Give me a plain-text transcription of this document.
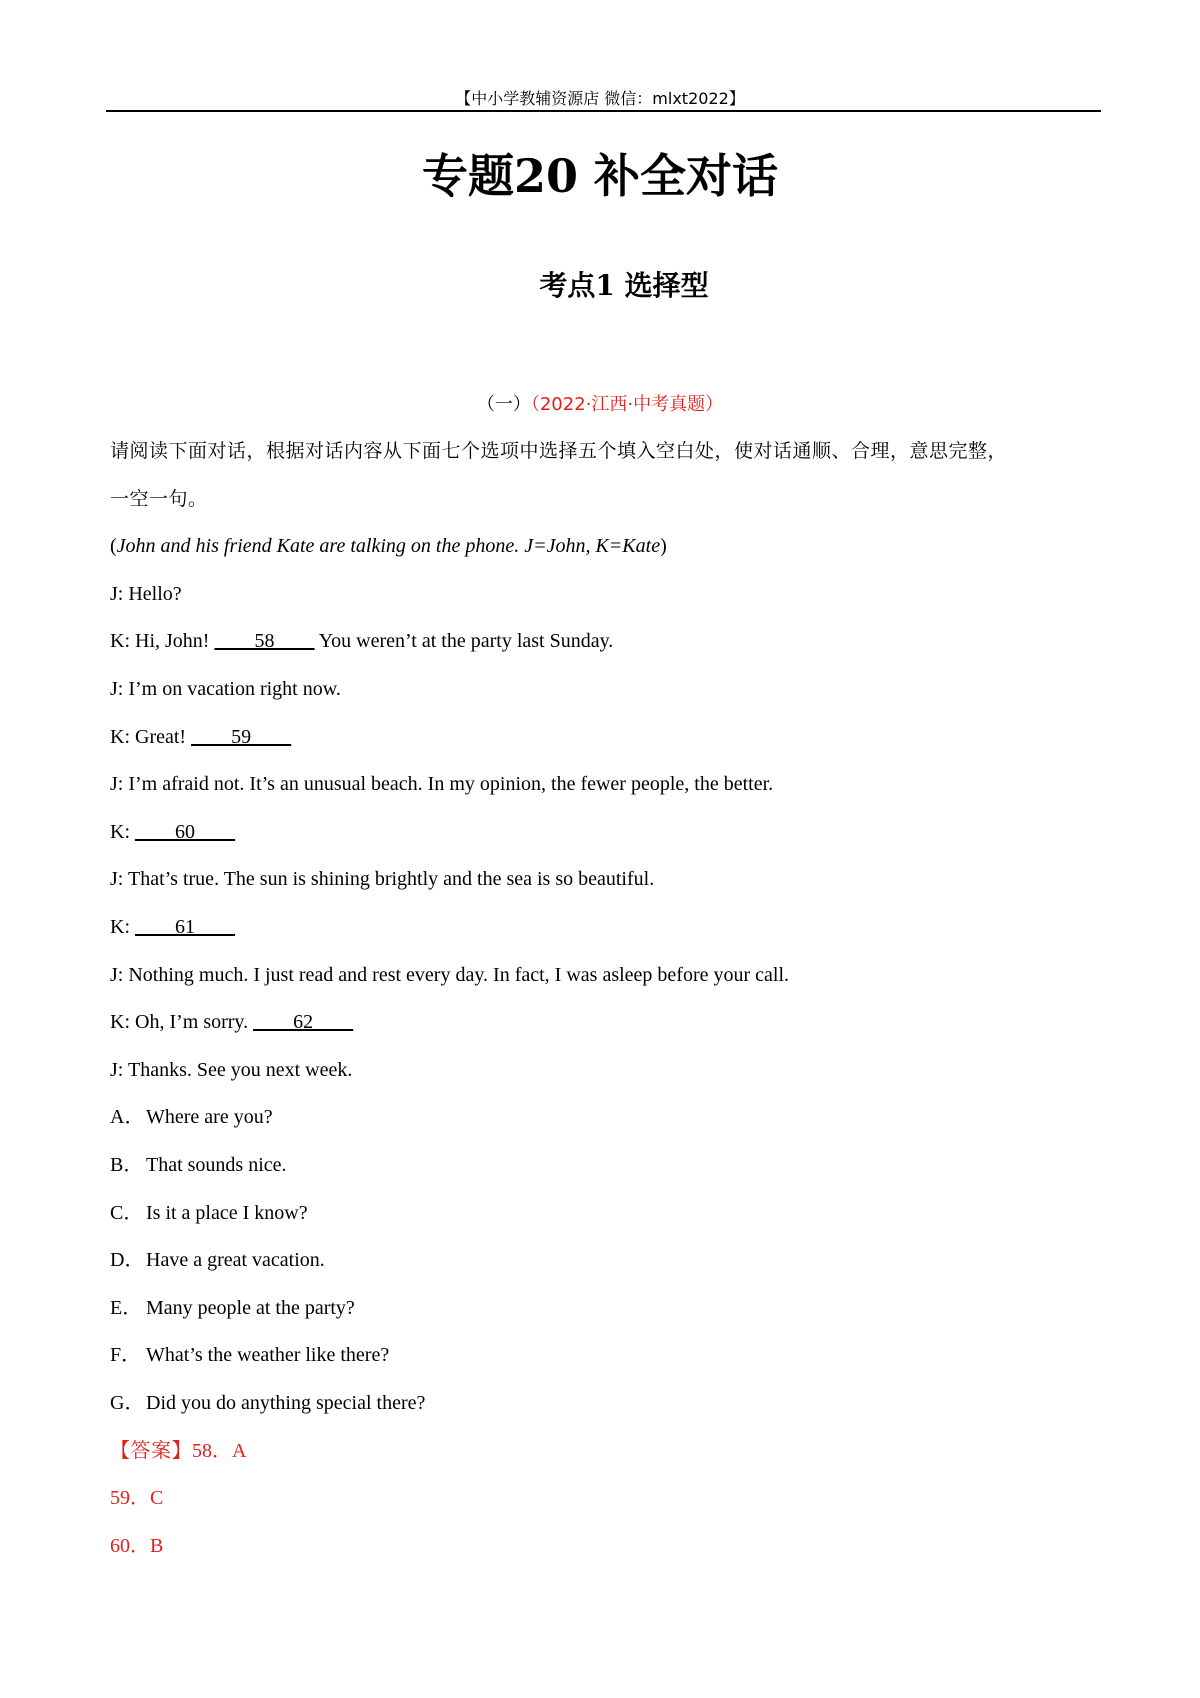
【中小学教辅资源店 微信：mlxt2022】
专题20 补全对话
考点1 选择型
（一）（2022·江西·中考真题）
请阅读下面对话，根据对话内容从下面七个选项中选择五个填入空白处，使对话通顺、合理，意思完整，
一空一句。
(John and his friend Kate are talking on the phone. J=John, K=Kate)
J: Hello?
K: Hi, John! ____58____ You weren’t at the party last Sunday.
J: I’m on vacation right now.
K: Great! ____59____
J: I’m afraid not. It’s an unusual beach. In my opinion, the fewer people, the better.
K: ____60____
J: That’s true. The sun is shining brightly and the sea is so beautiful.
K: ____61____
J: Nothing much. I just read and rest every day. In fact, I was asleep before your call.
K: Oh, I’m sorry. ____62____
J: Thanks. See you next week.
A．Where are you?
B． That sounds nice.
C． Is it a place I know?
D．Have a great vacation.
E． Many people at the party?
F． What’s the weather like there?
G．Did you do anything special there?
【答案】58．A
59．C
60．B
